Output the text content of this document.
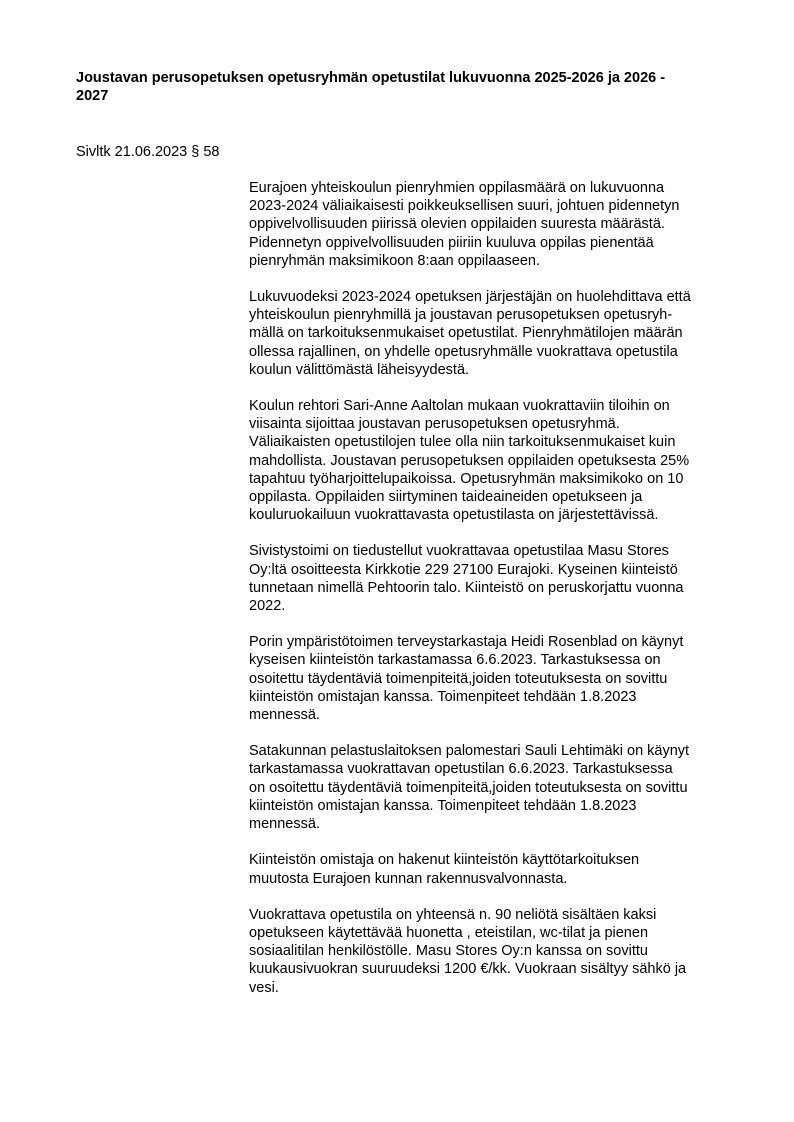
Joustavan perusopetuksen opetusryhmän opetustilat lukuvuonna 2025-2026 ja 2026 -
2027

Sivltk 21.06.2023 § 58

Eurajoen yhteiskoulun pienryhmien oppilasmäärä on lukuvuonna
2023-2024 väliaikaisesti poikkeuksellisen suuri, johtuen pidennetyn
oppivelvollisuuden piirissä olevien oppilaiden suuresta määrästä.
Pidennetyn oppivelvollisuuden piiriin kuuluva oppilas pienentää
pienryhmän maksimikoon 8:aan oppilaaseen.

Lukuvuodeksi 2023-2024 opetuksen järjestäjän on huolehdittava että
yhteiskoulun pienryhmillä ja joustavan perusopetuksen opetusryh-
mällä on tarkoituksenmukaiset opetustilat. Pienryhmätilojen määrän
ollessa rajallinen, on yhdelle opetusryhmälle vuokrattava opetustila
koulun välittömästä läheisyydestä.

Koulun rehtori Sari-Anne Aaltolan mukaan vuokrattaviin tiloihin on
viisainta sijoittaa joustavan perusopetuksen opetusryhmä.
Väliaikaisten opetustilojen tulee olla niin tarkoituksenmukaiset kuin
mahdollista. Joustavan perusopetuksen oppilaiden opetuksesta 25%
tapahtuu työharjoittelupaikoissa. Opetusryhmän maksimikoko on 10
oppilasta. Oppilaiden siirtyminen taideaineiden opetukseen ja
kouluruokailuun vuokrattavasta opetustilasta on järjestettävissä.

Sivistystoimi on tiedustellut vuokrattavaa opetustilaa Masu Stores
Oy:ltä osoitteesta Kirkkotie 229 27100 Eurajoki. Kyseinen kiinteistö
tunnetaan nimellä Pehtoorin talo. Kiinteistö on peruskorjattu vuonna
2022.

Porin ympäristötoimen terveystarkastaja Heidi Rosenblad on käynyt
kyseisen kiinteistön tarkastamassa 6.6.2023. Tarkastuksessa on
osoitettu täydentäviä toimenpiteitä,joiden toteutuksesta on sovittu
kiinteistön omistajan kanssa. Toimenpiteet tehdään 1.8.2023
mennessä.

Satakunnan pelastuslaitoksen palomestari Sauli Lehtimäki on käynyt
tarkastamassa vuokrattavan opetustilan 6.6.2023. Tarkastuksessa
on osoitettu täydentäviä toimenpiteitä,joiden toteutuksesta on sovittu
kiinteistön omistajan kanssa. Toimenpiteet tehdään 1.8.2023
mennessä.

Kiinteistön omistaja on hakenut kiinteistön käyttötarkoituksen
muutosta Eurajoen kunnan rakennusvalvonnasta.

Vuokrattava opetustila on yhteensä n. 90 neliötä sisältäen kaksi
opetukseen käytettävää huonetta , eteistilan, wc-tilat ja pienen
sosiaalitilan henkilöstölle. Masu Stores Oy:n kanssa on sovittu
kuukausivuokran suuruudeksi 1200 €/kk. Vuokraan sisältyy sähkö ja
vesi.
